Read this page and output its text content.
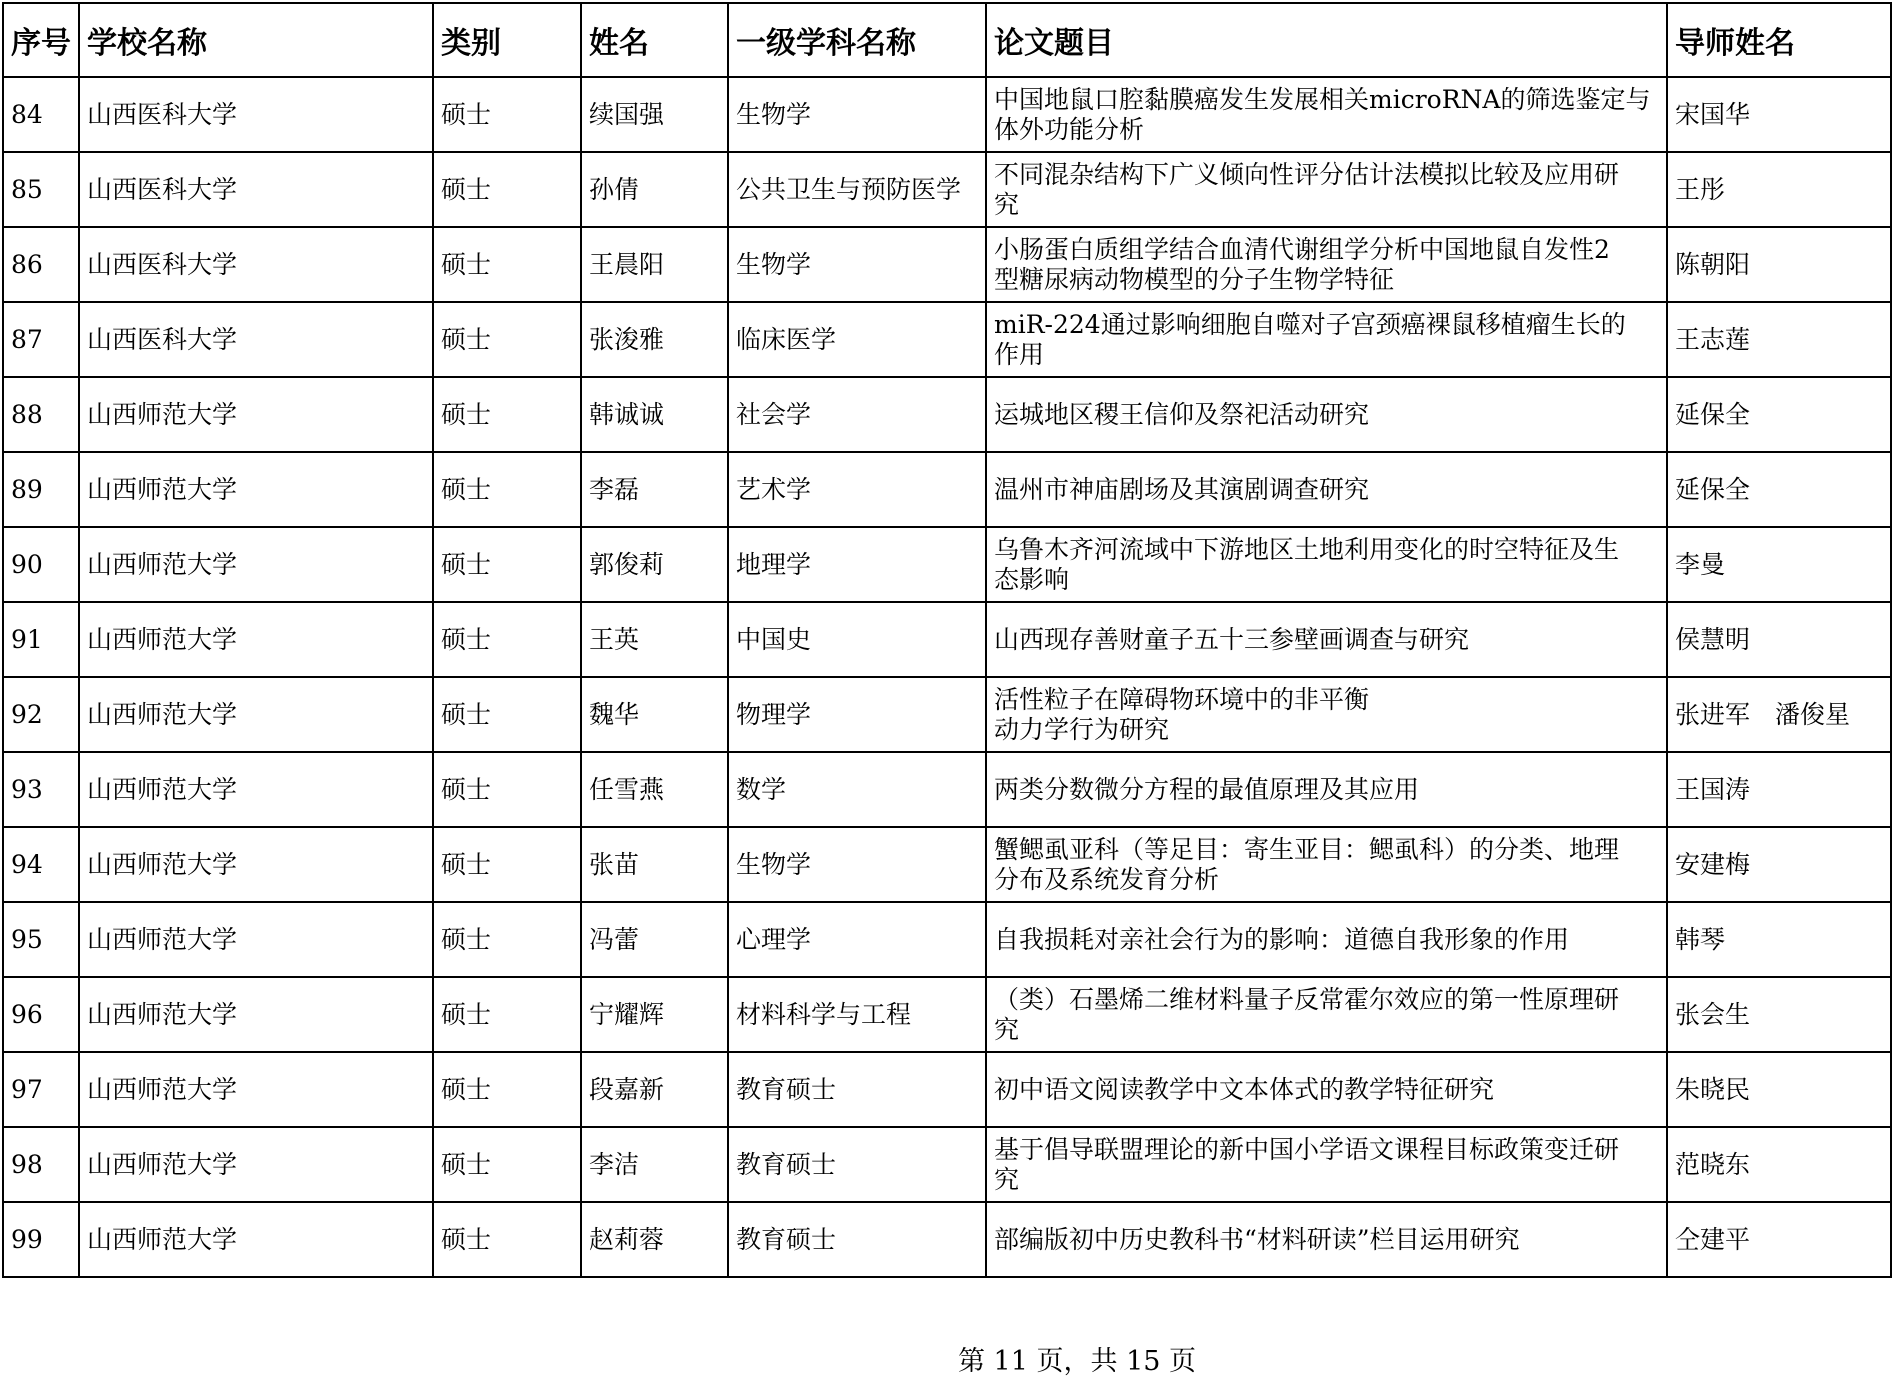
序号	学校名称	类别	姓名	一级学科名称	论文题目	导师姓名
84	山西医科大学	硕士	续国强	生物学	中国地鼠口腔黏膜癌发生发展相关microRNA的筛选鉴定与
体外功能分析	宋国华
85	山西医科大学	硕士	孙倩	公共卫生与预防医学	不同混杂结构下广义倾向性评分估计法模拟比较及应用研
究	王彤
86	山西医科大学	硕士	王晨阳	生物学	小肠蛋白质组学结合血清代谢组学分析中国地鼠自发性2
型糖尿病动物模型的分子生物学特征	陈朝阳
87	山西医科大学	硕士	张浚雅	临床医学	miR-224通过影响细胞自噬对子宫颈癌裸鼠移植瘤生长的
作用	王志莲
88	山西师范大学	硕士	韩诚诚	社会学	运城地区稷王信仰及祭祀活动研究	延保全
89	山西师范大学	硕士	李磊	艺术学	温州市神庙剧场及其演剧调查研究	延保全
90	山西师范大学	硕士	郭俊莉	地理学	乌鲁木齐河流域中下游地区土地利用变化的时空特征及生
态影响	李曼
91	山西师范大学	硕士	王英	中国史	山西现存善财童子五十三参壁画调查与研究	侯慧明
92	山西师范大学	硕士	魏华	物理学	活性粒子在障碍物环境中的非平衡
动力学行为研究	张进军　潘俊星
93	山西师范大学	硕士	任雪燕	数学	两类分数微分方程的最值原理及其应用	王国涛
94	山西师范大学	硕士	张苗	生物学	蟹鳃虱亚科（等足目：寄生亚目：鳃虱科）的分类、地理
分布及系统发育分析	安建梅
95	山西师范大学	硕士	冯蕾	心理学	自我损耗对亲社会行为的影响：道德自我形象的作用	韩琴
96	山西师范大学	硕士	宁耀辉	材料科学与工程	（类）石墨烯二维材料量子反常霍尔效应的第一性原理研
究	张会生
97	山西师范大学	硕士	段嘉新	教育硕士	初中语文阅读教学中文本体式的教学特征研究	朱晓民
98	山西师范大学	硕士	李洁	教育硕士	基于倡导联盟理论的新中国小学语文课程目标政策变迁研
究	范晓东
99	山西师范大学	硕士	赵莉蓉	教育硕士	部编版初中历史教科书“材料研读”栏目运用研究	仝建平
第 11 页，共 15 页
